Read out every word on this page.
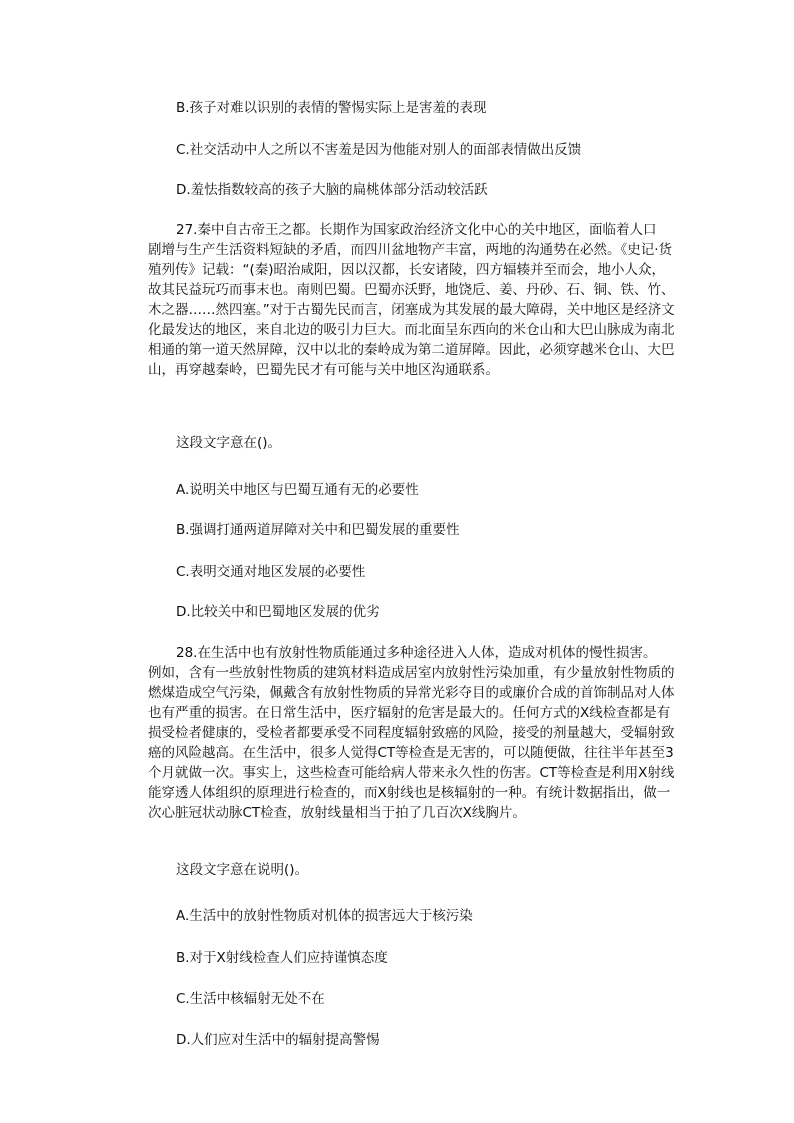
B.孩子对难以识别的表情的警惕实际上是害羞的表现
C.社交活动中人之所以不害羞是因为他能对别人的面部表情做出反馈
D.羞怯指数较高的孩子大脑的扁桃体部分活动较活跃
27.秦中自古帝王之都。长期作为国家政治经济文化中心的关中地区，面临着人口
剧增与生产生活资料短缺的矛盾，而四川盆地物产丰富，两地的沟通势在必然。《史记·货
殖列传》记载：“(秦)昭治咸阳，因以汉都，长安诸陵，四方辐辏并至而会，地小人众，
故其民益玩巧而事末也。南则巴蜀。巴蜀亦沃野，地饶卮、姜、丹砂、石、铜、铁、竹、
木之器……然四塞。”对于古蜀先民而言，闭塞成为其发展的最大障碍，关中地区是经济文
化最发达的地区，来自北边的吸引力巨大。而北面呈东西向的米仓山和大巴山脉成为南北
相通的第一道天然屏障，汉中以北的秦岭成为第二道屏障。因此，必须穿越米仓山、大巴
山，再穿越秦岭，巴蜀先民才有可能与关中地区沟通联系。
这段文字意在()。
A.说明关中地区与巴蜀互通有无的必要性
B.强调打通两道屏障对关中和巴蜀发展的重要性
C.表明交通对地区发展的必要性
D.比较关中和巴蜀地区发展的优劣
28.在生活中也有放射性物质能通过多种途径进入人体，造成对机体的慢性损害。
例如，含有一些放射性物质的建筑材料造成居室内放射性污染加重，有少量放射性物质的
燃煤造成空气污染，佩戴含有放射性物质的异常光彩夺目的或廉价合成的首饰制品对人体
也有严重的损害。在日常生活中，医疗辐射的危害是最大的。任何方式的X线检查都是有
损受检者健康的，受检者都要承受不同程度辐射致癌的风险，接受的剂量越大，受辐射致
癌的风险越高。在生活中，很多人觉得CT等检查是无害的，可以随便做，往往半年甚至3
个月就做一次。事实上，这些检查可能给病人带来永久性的伤害。CT等检查是利用X射线
能穿透人体组织的原理进行检查的，而X射线也是核辐射的一种。有统计数据指出，做一
次心脏冠状动脉CT检查，放射线量相当于拍了几百次X线胸片。
这段文字意在说明()。
A.生活中的放射性物质对机体的损害远大于核污染
B.对于X射线检查人们应持谨慎态度
C.生活中核辐射无处不在
D.人们应对生活中的辐射提高警惕
